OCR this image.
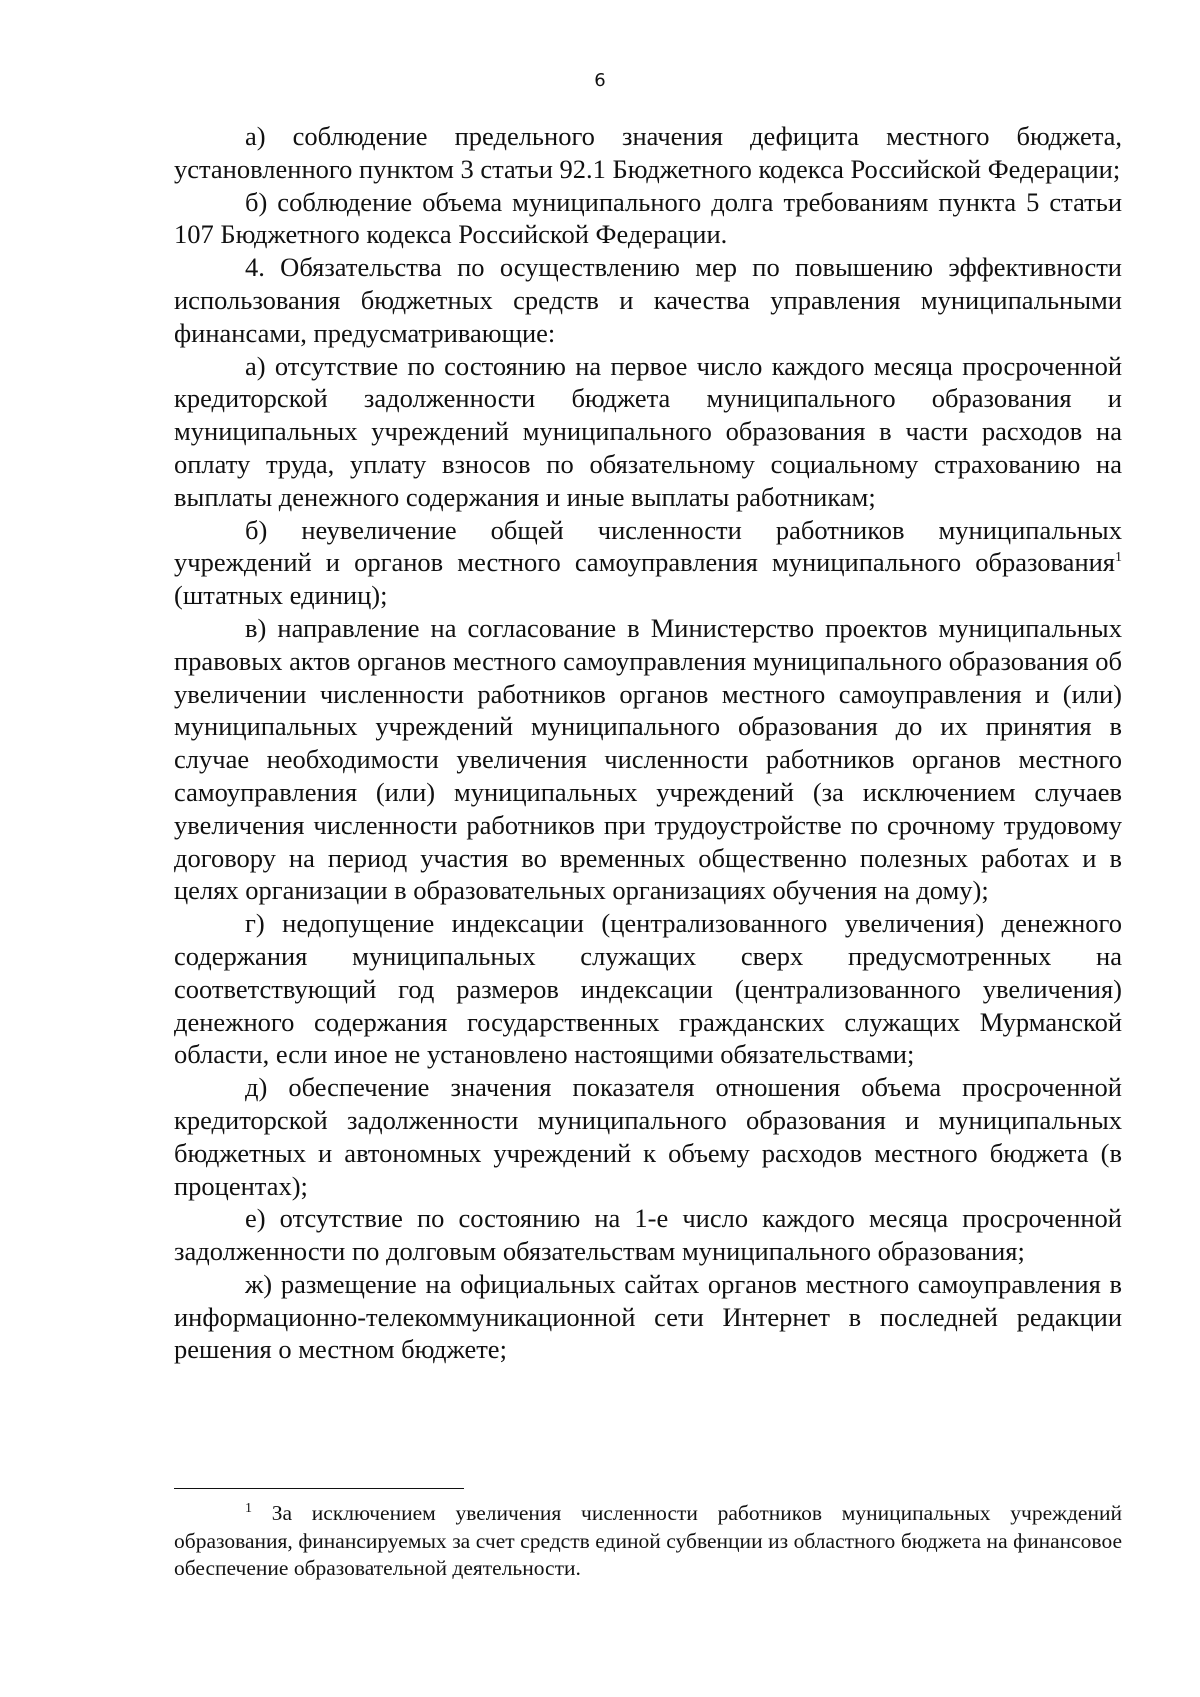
6

а) соблюдение предельного значения дефицита местного бюджета, установленного пунктом 3 статьи 92.1 Бюджетного кодекса Российской Федерации;

б) соблюдение объема муниципального долга требованиям пункта 5 статьи 107 Бюджетного кодекса Российской Федерации.

4. Обязательства по осуществлению мер по повышению эффективности использования бюджетных средств и качества управления муниципальными финансами, предусматривающие:

а) отсутствие по состоянию на первое число каждого месяца просроченной кредиторской задолженности бюджета муниципального образования и муниципальных учреждений муниципального образования в части расходов на оплату труда, уплату взносов по обязательному социальному страхованию на выплаты денежного содержания и иные выплаты работникам;

б) неувеличение общей численности работников муниципальных учреждений и органов местного самоуправления муниципального образования$^1$ (штатных единиц);

в) направление на согласование в Министерство проектов муниципальных правовых актов органов местного самоуправления муниципального образования об увеличении численности работников органов местного самоуправления и (или) муниципальных учреждений муниципального образования до их принятия в случае необходимости увеличения численности работников органов местного самоуправления (или) муниципальных учреждений (за исключением случаев увеличения численности работников при трудоустройстве по срочному трудовому договору на период участия во временных общественно полезных работах и в целях организации в образовательных организациях обучения на дому);

г) недопущение индексации (централизованного увеличения) денежного содержания муниципальных служащих сверх предусмотренных на соответствующий год размеров индексации (централизованного увеличения) денежного содержания государственных гражданских служащих Мурманской области, если иное не установлено настоящими обязательствами;

д) обеспечение значения показателя отношения объема просроченной кредиторской задолженности муниципального образования и муниципальных бюджетных и автономных учреждений к объему расходов местного бюджета (в процентах);

е) отсутствие по состоянию на 1-е число каждого месяца просроченной задолженности по долговым обязательствам муниципального образования;

ж) размещение на официальных сайтах органов местного самоуправления в информационно-телекоммуникационной сети Интернет в последней редакции решения о местном бюджете;

$^1$ За исключением увеличения численности работников муниципальных учреждений образования, финансируемых за счет средств единой субвенции из областного бюджета на финансовое обеспечение образовательной деятельности.
